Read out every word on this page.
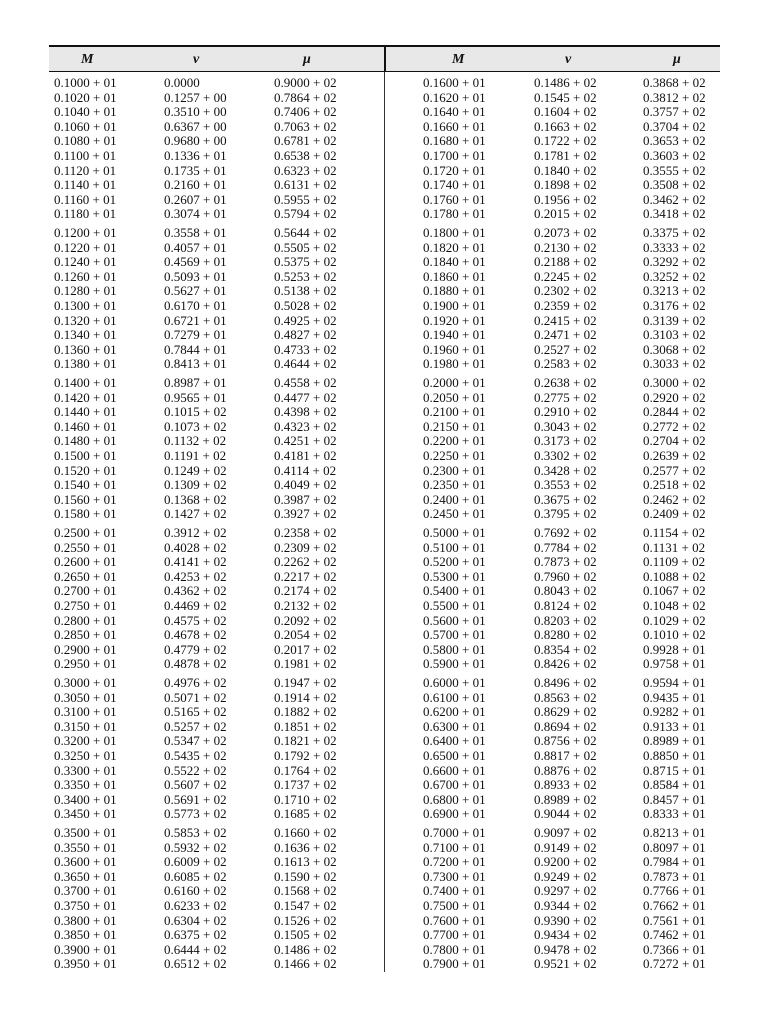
M	ν	μ	M	ν	μ
0.1000 + 01	0.0000	0.9000 + 02	0.1600 + 01	0.1486 + 02	0.3868 + 02
0.1020 + 01	0.1257 + 00	0.7864 + 02	0.1620 + 01	0.1545 + 02	0.3812 + 02
0.1040 + 01	0.3510 + 00	0.7406 + 02	0.1640 + 01	0.1604 + 02	0.3757 + 02
0.1060 + 01	0.6367 + 00	0.7063 + 02	0.1660 + 01	0.1663 + 02	0.3704 + 02
0.1080 + 01	0.9680 + 00	0.6781 + 02	0.1680 + 01	0.1722 + 02	0.3653 + 02
0.1100 + 01	0.1336 + 01	0.6538 + 02	0.1700 + 01	0.1781 + 02	0.3603 + 02
0.1120 + 01	0.1735 + 01	0.6323 + 02	0.1720 + 01	0.1840 + 02	0.3555 + 02
0.1140 + 01	0.2160 + 01	0.6131 + 02	0.1740 + 01	0.1898 + 02	0.3508 + 02
0.1160 + 01	0.2607 + 01	0.5955 + 02	0.1760 + 01	0.1956 + 02	0.3462 + 02
0.1180 + 01	0.3074 + 01	0.5794 + 02	0.1780 + 01	0.2015 + 02	0.3418 + 02
0.1200 + 01	0.3558 + 01	0.5644 + 02	0.1800 + 01	0.2073 + 02	0.3375 + 02
0.1220 + 01	0.4057 + 01	0.5505 + 02	0.1820 + 01	0.2130 + 02	0.3333 + 02
0.1240 + 01	0.4569 + 01	0.5375 + 02	0.1840 + 01	0.2188 + 02	0.3292 + 02
0.1260 + 01	0.5093 + 01	0.5253 + 02	0.1860 + 01	0.2245 + 02	0.3252 + 02
0.1280 + 01	0.5627 + 01	0.5138 + 02	0.1880 + 01	0.2302 + 02	0.3213 + 02
0.1300 + 01	0.6170 + 01	0.5028 + 02	0.1900 + 01	0.2359 + 02	0.3176 + 02
0.1320 + 01	0.6721 + 01	0.4925 + 02	0.1920 + 01	0.2415 + 02	0.3139 + 02
0.1340 + 01	0.7279 + 01	0.4827 + 02	0.1940 + 01	0.2471 + 02	0.3103 + 02
0.1360 + 01	0.7844 + 01	0.4733 + 02	0.1960 + 01	0.2527 + 02	0.3068 + 02
0.1380 + 01	0.8413 + 01	0.4644 + 02	0.1980 + 01	0.2583 + 02	0.3033 + 02
0.1400 + 01	0.8987 + 01	0.4558 + 02	0.2000 + 01	0.2638 + 02	0.3000 + 02
0.1420 + 01	0.9565 + 01	0.4477 + 02	0.2050 + 01	0.2775 + 02	0.2920 + 02
0.1440 + 01	0.1015 + 02	0.4398 + 02	0.2100 + 01	0.2910 + 02	0.2844 + 02
0.1460 + 01	0.1073 + 02	0.4323 + 02	0.2150 + 01	0.3043 + 02	0.2772 + 02
0.1480 + 01	0.1132 + 02	0.4251 + 02	0.2200 + 01	0.3173 + 02	0.2704 + 02
0.1500 + 01	0.1191 + 02	0.4181 + 02	0.2250 + 01	0.3302 + 02	0.2639 + 02
0.1520 + 01	0.1249 + 02	0.4114 + 02	0.2300 + 01	0.3428 + 02	0.2577 + 02
0.1540 + 01	0.1309 + 02	0.4049 + 02	0.2350 + 01	0.3553 + 02	0.2518 + 02
0.1560 + 01	0.1368 + 02	0.3987 + 02	0.2400 + 01	0.3675 + 02	0.2462 + 02
0.1580 + 01	0.1427 + 02	0.3927 + 02	0.2450 + 01	0.3795 + 02	0.2409 + 02
0.2500 + 01	0.3912 + 02	0.2358 + 02	0.5000 + 01	0.7692 + 02	0.1154 + 02
0.2550 + 01	0.4028 + 02	0.2309 + 02	0.5100 + 01	0.7784 + 02	0.1131 + 02
0.2600 + 01	0.4141 + 02	0.2262 + 02	0.5200 + 01	0.7873 + 02	0.1109 + 02
0.2650 + 01	0.4253 + 02	0.2217 + 02	0.5300 + 01	0.7960 + 02	0.1088 + 02
0.2700 + 01	0.4362 + 02	0.2174 + 02	0.5400 + 01	0.8043 + 02	0.1067 + 02
0.2750 + 01	0.4469 + 02	0.2132 + 02	0.5500 + 01	0.8124 + 02	0.1048 + 02
0.2800 + 01	0.4575 + 02	0.2092 + 02	0.5600 + 01	0.8203 + 02	0.1029 + 02
0.2850 + 01	0.4678 + 02	0.2054 + 02	0.5700 + 01	0.8280 + 02	0.1010 + 02
0.2900 + 01	0.4779 + 02	0.2017 + 02	0.5800 + 01	0.8354 + 02	0.9928 + 01
0.2950 + 01	0.4878 + 02	0.1981 + 02	0.5900 + 01	0.8426 + 02	0.9758 + 01
0.3000 + 01	0.4976 + 02	0.1947 + 02	0.6000 + 01	0.8496 + 02	0.9594 + 01
0.3050 + 01	0.5071 + 02	0.1914 + 02	0.6100 + 01	0.8563 + 02	0.9435 + 01
0.3100 + 01	0.5165 + 02	0.1882 + 02	0.6200 + 01	0.8629 + 02	0.9282 + 01
0.3150 + 01	0.5257 + 02	0.1851 + 02	0.6300 + 01	0.8694 + 02	0.9133 + 01
0.3200 + 01	0.5347 + 02	0.1821 + 02	0.6400 + 01	0.8756 + 02	0.8989 + 01
0.3250 + 01	0.5435 + 02	0.1792 + 02	0.6500 + 01	0.8817 + 02	0.8850 + 01
0.3300 + 01	0.5522 + 02	0.1764 + 02	0.6600 + 01	0.8876 + 02	0.8715 + 01
0.3350 + 01	0.5607 + 02	0.1737 + 02	0.6700 + 01	0.8933 + 02	0.8584 + 01
0.3400 + 01	0.5691 + 02	0.1710 + 02	0.6800 + 01	0.8989 + 02	0.8457 + 01
0.3450 + 01	0.5773 + 02	0.1685 + 02	0.6900 + 01	0.9044 + 02	0.8333 + 01
0.3500 + 01	0.5853 + 02	0.1660 + 02	0.7000 + 01	0.9097 + 02	0.8213 + 01
0.3550 + 01	0.5932 + 02	0.1636 + 02	0.7100 + 01	0.9149 + 02	0.8097 + 01
0.3600 + 01	0.6009 + 02	0.1613 + 02	0.7200 + 01	0.9200 + 02	0.7984 + 01
0.3650 + 01	0.6085 + 02	0.1590 + 02	0.7300 + 01	0.9249 + 02	0.7873 + 01
0.3700 + 01	0.6160 + 02	0.1568 + 02	0.7400 + 01	0.9297 + 02	0.7766 + 01
0.3750 + 01	0.6233 + 02	0.1547 + 02	0.7500 + 01	0.9344 + 02	0.7662 + 01
0.3800 + 01	0.6304 + 02	0.1526 + 02	0.7600 + 01	0.9390 + 02	0.7561 + 01
0.3850 + 01	0.6375 + 02	0.1505 + 02	0.7700 + 01	0.9434 + 02	0.7462 + 01
0.3900 + 01	0.6444 + 02	0.1486 + 02	0.7800 + 01	0.9478 + 02	0.7366 + 01
0.3950 + 01	0.6512 + 02	0.1466 + 02	0.7900 + 01	0.9521 + 02	0.7272 + 01
